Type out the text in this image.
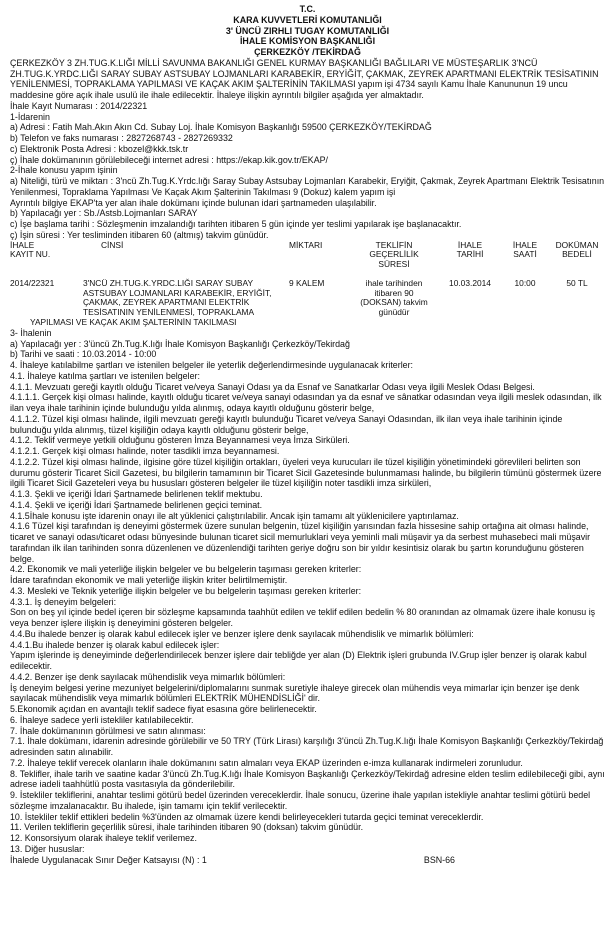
T.C.
KARA KUVVETLERİ KOMUTANLIĞI
3' ÜNCÜ ZIRHLI TUGAY KOMUTANLIĞI
İHALE KOMİSYON BAŞKANLIĞI
ÇERKEZKÖY /TEKİRDAĞ

ÇERKEZKÖY 3 ZH.TUG.K.LIĞI MİLLİ SAVUNMA BAKANLIĞI GENEL KURMAY BAŞKANLIĞI BAĞLILARI VE MÜSTEŞARLIK 3'NCÜ ZH.TUG.K.YRDC.LIĞI SARAY SUBAY ASTSUBAY LOJMANLARI KARABEKİR, ERYİĞİT, ÇAKMAK, ZEYREK APARTMANI ELEKTRİK TESİSATININ YENİLENMESİ, TOPRAKLAMA YAPILMASI VE KAÇAK AKIM ŞALTERİNİN TAKILMASI yapım işi 4734 sayılı Kamu İhale Kanununun 19 uncu maddesine göre açık ihale usulü ile ihale edilecektir. İhaleye ilişkin ayrıntılı bilgiler aşağıda yer almaktadır.

İhale Kayıt Numarası : 2014/22321
1-İdarenin
a) Adresi : Fatih Mah.Akın Akın Cd. Subay Loj. İhale Komisyon Başkanlığı 59500 ÇERKEZKÖY/TEKİRDAĞ
b) Telefon ve faks numarası : 2827268743 - 2827269332
c) Elektronik Posta Adresi : kbozel@kkk.tsk.tr
ç) İhale dokümanının görülebileceği internet adresi : https://ekap.kik.gov.tr/EKAP/
2-İhale konusu yapım işinin
a) Niteliği, türü ve miktarı : 3'ncü Zh.Tug.K.Yrdc.lığı Saray Subay Astsubay Lojmanları Karabekir, Eryiğit, Çakmak, Zeyrek Apartmanı Elektrik Tesisatının Yenilenmesi, Topraklama Yapılması Ve Kaçak Akım Şalterinin Takılması 9 (Dokuz) kalem yapım işi
Ayrıntılı bilgiye EKAP'ta yer alan ihale dokümanı içinde bulunan idari şartnameden ulaşılabilir.
b) Yapılacağı yer : Sb./Astsb.Lojmanları SARAY
c) İşe başlama tarihi : Sözleşmenin imzalandığı tarihten itibaren 5 gün içinde yer teslimi yapılarak işe başlanacaktır.
ç) İşin süresi : Yer tesliminden itibaren 60 (altmış) takvim günüdür.
İHALE
KAYIT NU.	CİNSİ	MİKTARI	TEKLİFİN
GEÇERLİLİK
SÜRESİ	İHALE
TARİHİ	İHALE
SAATİ	DOKÜMAN
BEDELİ
2014/22321	3'NCÜ ZH.TUG.K.YRDC.LIĞI SARAY SUBAY
ASTSUBAY LOJMANLARI KARABEKİR, ERYİĞİT,
ÇAKMAK, ZEYREK APARTMANI ELEKTRİK
TESİSATININ YENİLENMESİ, TOPRAKLAMA	9 KALEM	ihale tarihinden
itibaren 90
(DOKSAN) takvim
günüdür	10.03.2014	10:00	50 TL
YAPILMASI VE KAÇAK AKIM ŞALTERİNİN TAKILMASI						
3- İhalenin
a) Yapılacağı yer : 3'üncü Zh.Tug.K.lığı İhale Komisyon Başkanlığı Çerkezköy/Tekirdağ
b) Tarihi ve saati : 10.03.2014 - 10:00
4. İhaleye katılabilme şartları ve istenilen belgeler ile yeterlik değerlendirmesinde uygulanacak kriterler:
4.1. İhaleye katılma şartları ve istenilen belgeler:
4.1.1. Mevzuatı gereği kayıtlı olduğu Ticaret ve/veya Sanayi Odası ya da Esnaf ve Sanatkarlar Odası veya ilgili Meslek Odası Belgesi.
4.1.1.1. Gerçek kişi olması halinde, kayıtlı olduğu ticaret ve/veya sanayi odasından ya da esnaf ve sânatkar odasından veya ilgili meslek odasından, ilk ilan veya ihale tarihinin içinde bulunduğu yılda alınmış, odaya kayıtlı olduğunu gösterir belge,
4.1.1.2. Tüzel kişi olması halinde, ilgili mevzuatı gereği kayıtlı bulunduğu Ticaret ve/veya Sanayi Odasından, ilk ilan veya ihale tarihinin içinde bulunduğu yılda alınmış, tüzel kişiliğin odaya kayıtlı olduğunu gösterir belge,
4.1.2. Teklif vermeye yetkili olduğunu gösteren İmza Beyannamesi veya İmza Sirküleri.
4.1.2.1. Gerçek kişi olması halinde, noter tasdikli imza beyannamesi.
4.1.2.2. Tüzel kişi olması halinde, ilgisine göre tüzel kişiliğin ortakları, üyeleri veya kurucuları ile tüzel kişiliğin yönetimindeki görevlileri belirten son durumu gösterir Ticaret Sicil Gazetesi, bu bilgilerin tamamının bir Ticaret Sicil Gazetesinde bulunmaması halinde, bu bilgilerin tümünü göstermek üzere ilgili Ticaret Sicil Gazeteleri veya bu hususları gösteren belgeler ile tüzel kişiliğin noter tasdikli imza sirküleri,
4.1.3. Şekli ve içeriği İdari Şartnamede belirlenen teklif mektubu.
4.1.4. Şekli ve içeriği İdari Şartnamede belirlenen geçici teminat.
4.1.5İhale konusu işte idarenin onayı ile alt yüklenici çalıştırılabilir. Ancak işin tamamı alt yüklenicilere yaptırılamaz.
4.1.6 Tüzel kişi tarafından iş deneyimi göstermek üzere sunulan belgenin, tüzel kişiliğin yarısından fazla hissesine sahip ortağına ait olması halinde, ticaret ve sanayi odası/ticaret odası bünyesinde bulunan ticaret sicil memurluklari veya yeminli mali müşavir ya da serbest muhasebeci mali müşavir tarafından ilk ilan tarihinden sonra düzenlenen ve düzenlendiği tarihten geriye doğru son bir yıldır kesintisiz olarak bu şartın korunduğunu gösteren belge.
4.2. Ekonomik ve mali yeterliğe ilişkin belgeler ve bu belgelerin taşıması gereken kriterler:
İdare tarafından ekonomik ve mali yeterliğe ilişkin kriter belirtilmemiştir.
4.3. Mesleki ve Teknik yeterliğe ilişkin belgeler ve bu belgelerin taşıması gereken kriterler:
4.3.1. İş deneyim belgeleri:
Son on beş yıl içinde bedel içeren bir sözleşme kapsamında taahhüt edilen ve teklif edilen bedelin % 80 oranından az olmamak üzere ihale konusu iş veya benzer işlere ilişkin iş deneyimini gösteren belgeler.
4.4.Bu ihalede benzer iş olarak kabul edilecek işler ve benzer işlere denk sayılacak mühendislik ve mimarlık bölümleri:
4.4.1.Bu ihalede benzer iş olarak kabul edilecek işler:
Yapım işlerinde iş deneyiminde değerlendirilecek benzer işlere dair tebliğde yer alan (D) Elektrik işleri grubunda IV.Grup işler benzer iş olarak kabul edilecektir.
4.4.2. Benzer işe denk sayılacak mühendislik veya mimarlık bölümleri:
İş deneyim belgesi yerine mezuniyet belgelerini/diplomalarını sunmak suretiyle ihaleye girecek olan mühendis veya mimarlar için benzer işe denk sayılacak mühendislik veya mimarlık bölümleri ELEKTRİK MÜHENDİSLİĞİ' dir.
5.Ekonomik açıdan en avantajlı teklif sadece fiyat esasına göre belirlenecektir.
6. İhaleye sadece yerli istekliler katılabilecektir.
7. İhale dokümanının görülmesi ve satın alınması:
7.1. İhale dokümanı, idarenin adresinde görülebilir ve 50 TRY (Türk Lirası) karşılığı 3'üncü Zh.Tug.K.lığı İhale Komisyon Başkanlığı Çerkezköy/Tekirdağ adresinden satın alınabilir.
7.2. İhaleye teklif verecek olanların ihale dokümanını satın almaları veya EKAP üzerinden e-imza kullanarak indirmeleri zorunludur.
8. Teklifler, ihale tarih ve saatine kadar 3'üncü Zh.Tug.K.lığı İhale Komisyon Başkanlığı Çerkezköy/Tekirdağ adresine elden teslim edilebileceği gibi, aynı adrese iadeli taahhütlü posta vasıtasıyla da gönderilebilir.
9. İstekliler tekliflerini, anahtar teslimi götürü bedel üzerinden vereceklerdir. İhale sonucu, üzerine ihale yapılan istekliyle anahtar teslimi götürü bedel sözleşme imzalanacaktır. Bu ihalede, işin tamamı için teklif verilecektir.
10. İstekliler teklif ettikleri bedelin %3'ünden az olmamak üzere kendi belirleyecekleri tutarda geçici teminat vereceklerdir.
11. Verilen tekliflerin geçerlilik süresi, ihale tarihinden itibaren 90 (doksan) takvim günüdür.
12. Konsorsiyum olarak ihaleye teklif verilemez.
13. Diğer hususlar:
İhalede Uygulanacak Sınır Değer Katsayısı (N) : 1	BSN-66
